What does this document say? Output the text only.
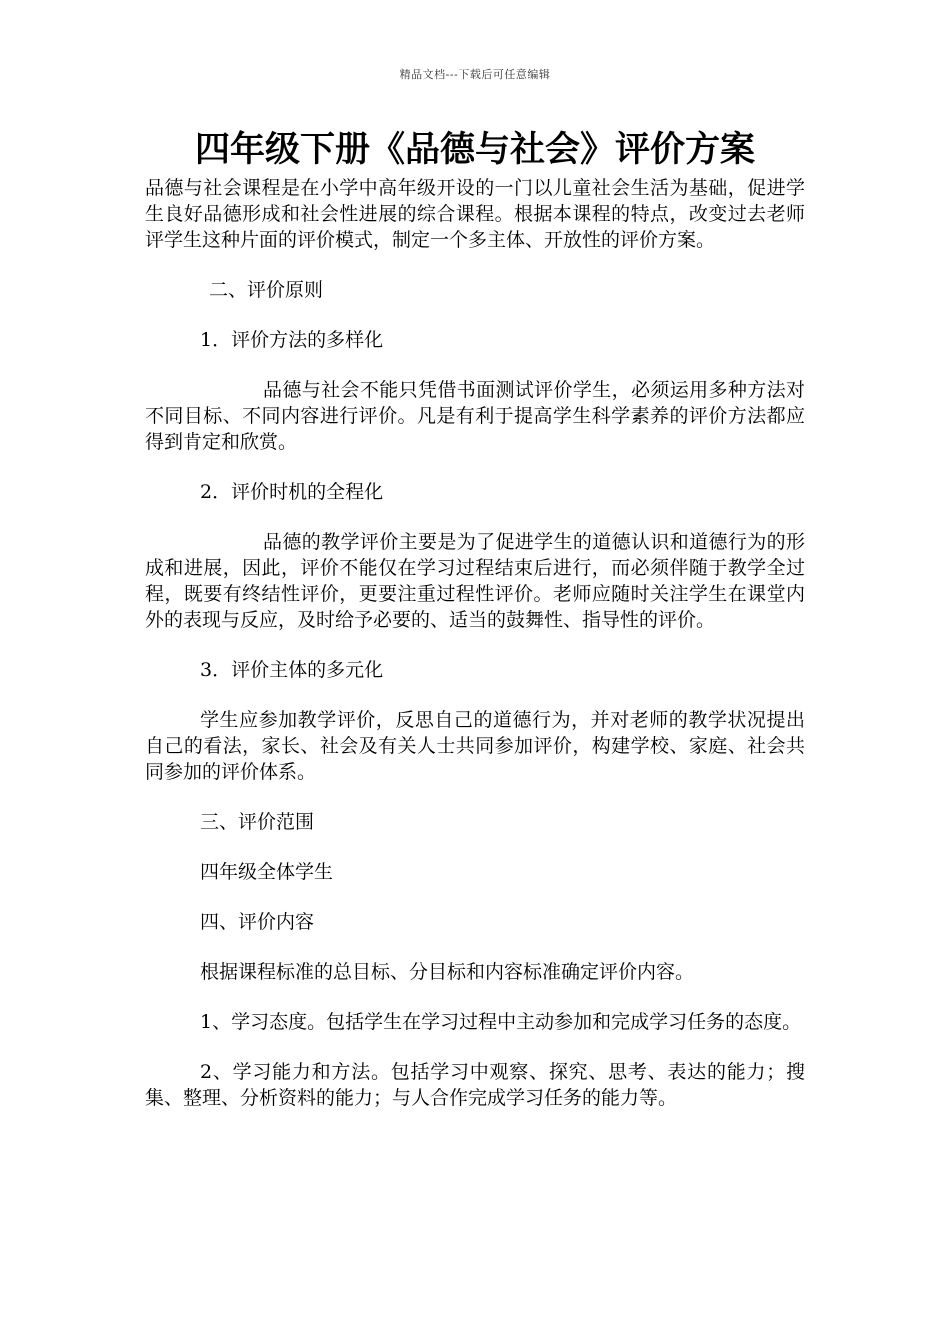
精品文档---下载后可任意编辑
四年级下册《品德与社会》评价方案

品德与社会课程是在小学中高年级开设的一门以儿童社会生活为基础，促进学生良好品德形成和社会性进展的综合课程。根据本课程的特点，改变过去老师评学生这种片面的评价模式，制定一个多主体、开放性的评价方案。

二、评价原则

1．评价方法的多样化

品德与社会不能只凭借书面测试评价学生，必须运用多种方法对不同目标、不同内容进行评价。凡是有利于提高学生科学素养的评价方法都应得到肯定和欣赏。

2．评价时机的全程化

品德的教学评价主要是为了促进学生的道德认识和道德行为的形成和进展，因此，评价不能仅在学习过程结束后进行，而必须伴随于教学全过程，既要有终结性评价，更要注重过程性评价。老师应随时关注学生在课堂内外的表现与反应，及时给予必要的、适当的鼓舞性、指导性的评价。

3．评价主体的多元化

学生应参加教学评价，反思自己的道德行为，并对老师的教学状况提出自己的看法，家长、社会及有关人士共同参加评价，构建学校、家庭、社会共同参加的评价体系。

三、评价范围

四年级全体学生

四、评价内容

根据课程标准的总目标、分目标和内容标准确定评价内容。

1、学习态度。包括学生在学习过程中主动参加和完成学习任务的态度。

2、学习能力和方法。包括学习中观察、探究、思考、表达的能力；搜集、整理、分析资料的能力；与人合作完成学习任务的能力等。
